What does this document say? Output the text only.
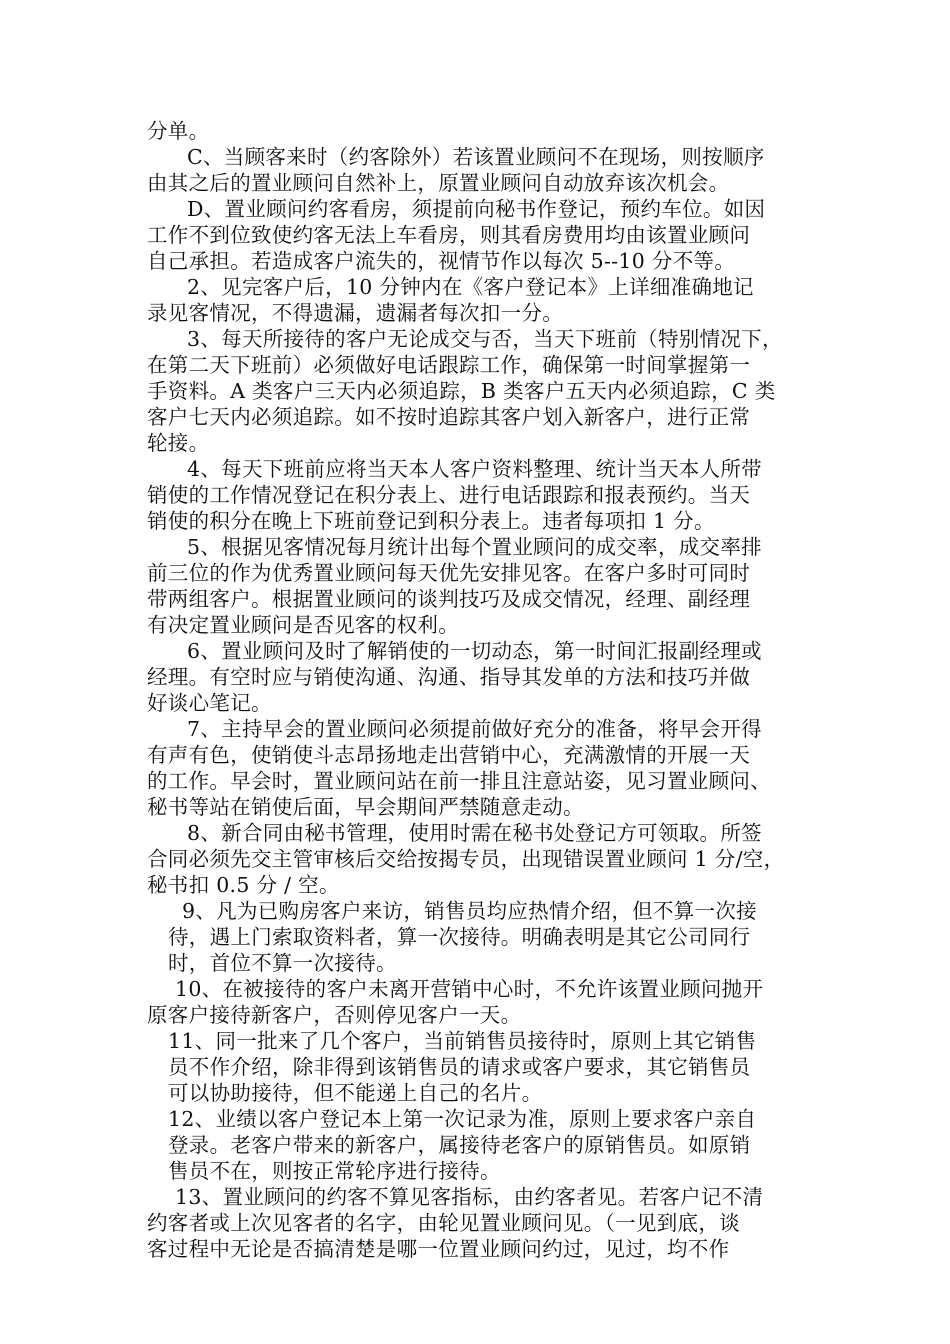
分单。
C、当顾客来时（约客除外）若该置业顾问不在现场，则按顺序
由其之后的置业顾问自然补上，原置业顾问自动放弃该次机会。
D、置业顾问约客看房，须提前向秘书作登记，预约车位。如因
工作不到位致使约客无法上车看房，则其看房费用均由该置业顾问
自己承担。若造成客户流失的，视情节作以每次 5--10 分不等。
2、见完客户后，10 分钟内在《客户登记本》上详细准确地记
录见客情况，不得遗漏，遗漏者每次扣一分。
3、每天所接待的客户无论成交与否，当天下班前（特别情况下，
在第二天下班前）必须做好电话跟踪工作，确保第一时间掌握第一
手资料。A 类客户三天内必须追踪，B 类客户五天内必须追踪，C 类
客户七天内必须追踪。如不按时追踪其客户划入新客户，进行正常
轮接。
4、每天下班前应将当天本人客户资料整理、统计当天本人所带
销使的工作情况登记在积分表上、进行电话跟踪和报表预约。当天
销使的积分在晚上下班前登记到积分表上。违者每项扣 1 分。
5、根据见客情况每月统计出每个置业顾问的成交率，成交率排
前三位的作为优秀置业顾问每天优先安排见客。在客户多时可同时
带两组客户。根据置业顾问的谈判技巧及成交情况，经理、副经理
有决定置业顾问是否见客的权利。
6、置业顾问及时了解销使的一切动态，第一时间汇报副经理或
经理。有空时应与销使沟通、沟通、指导其发单的方法和技巧并做
好谈心笔记。
7、主持早会的置业顾问必须提前做好充分的准备，将早会开得
有声有色，使销使斗志昂扬地走出营销中心，充满激情的开展一天
的工作。早会时，置业顾问站在前一排且注意站姿，见习置业顾问、
秘书等站在销使后面，早会期间严禁随意走动。
8、新合同由秘书管理，使用时需在秘书处登记方可领取。所签
合同必须先交主管审核后交给按揭专员，出现错误置业顾问 1 分/空，
秘书扣 0.5 分 / 空。
9、凡为已购房客户来访，销售员均应热情介绍，但不算一次接
待，遇上门索取资料者，算一次接待。明确表明是其它公司同行
时，首位不算一次接待。
10、在被接待的客户未离开营销中心时，不允许该置业顾问抛开
原客户接待新客户，否则停见客户一天。
11、同一批来了几个客户，当前销售员接待时，原则上其它销售
员不作介绍，除非得到该销售员的请求或客户要求，其它销售员
可以协助接待，但不能递上自己的名片。
12、业绩以客户登记本上第一次记录为准，原则上要求客户亲自
登录。老客户带来的新客户，属接待老客户的原销售员。如原销
售员不在，则按正常轮序进行接待。
13、置业顾问的约客不算见客指标，由约客者见。若客户记不清
约客者或上次见客者的名字，由轮见置业顾问见。（一见到底，谈
客过程中无论是否搞清楚是哪一位置业顾问约过，见过，均不作
